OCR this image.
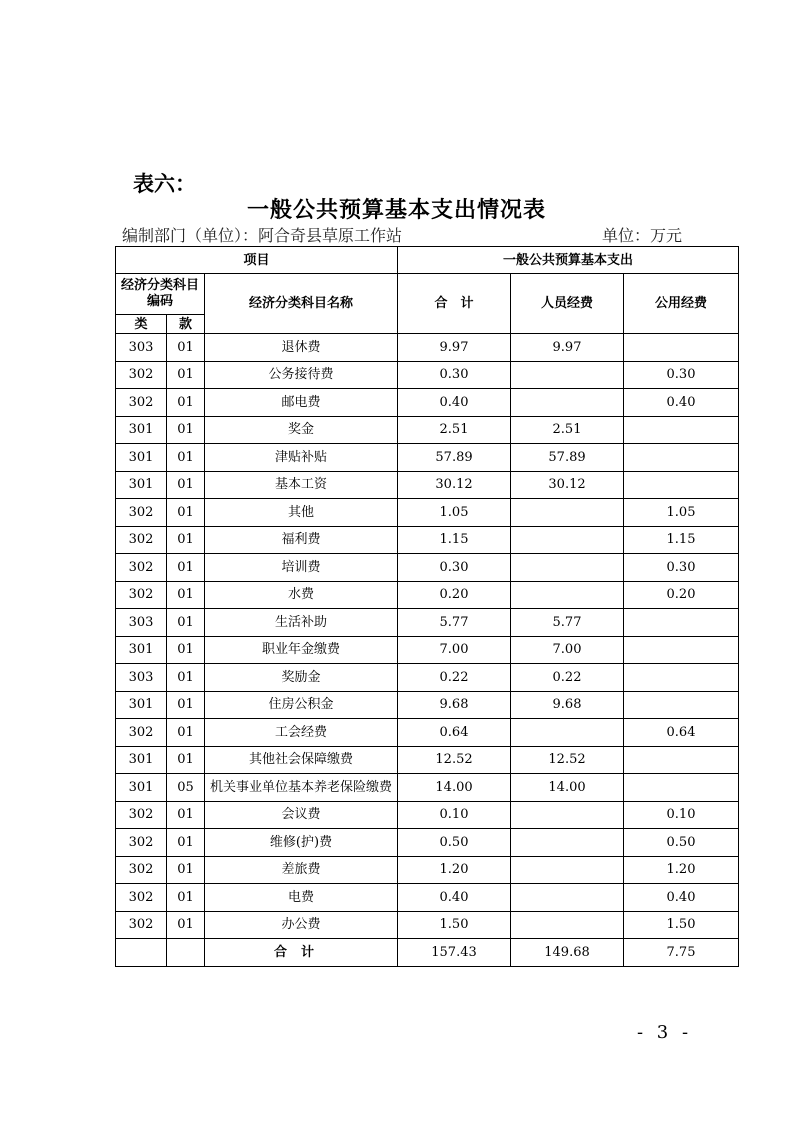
表六：
一般公共预算基本支出情况表
编制部门（单位）：阿合奇县草原工作站	单位：万元
项目			一般公共预算基本支出		
经济分类科目编码		经济分类科目名称	合　计	人员经费	公用经费
类	款				
303	01	退休费	9.97	9.97	
302	01	公务接待费	0.30		0.30
302	01	邮电费	0.40		0.40
301	01	奖金	2.51	2.51	
301	01	津贴补贴	57.89	57.89	
301	01	基本工资	30.12	30.12	
302	01	其他	1.05		1.05
302	01	福利费	1.15		1.15
302	01	培训费	0.30		0.30
302	01	水费	0.20		0.20
303	01	生活补助	5.77	5.77	
301	01	职业年金缴费	7.00	7.00	
303	01	奖励金	0.22	0.22	
301	01	住房公积金	9.68	9.68	
302	01	工会经费	0.64		0.64
301	01	其他社会保障缴费	12.52	12.52	
301	05	机关事业单位基本养老保险缴费	14.00	14.00	
302	01	会议费	0.10		0.10
302	01	维修(护)费	0.50		0.50
302	01	差旅费	1.20		1.20
302	01	电费	0.40		0.40
302	01	办公费	1.50		1.50
		合计	157.43	149.68	7.75
- 3 -
